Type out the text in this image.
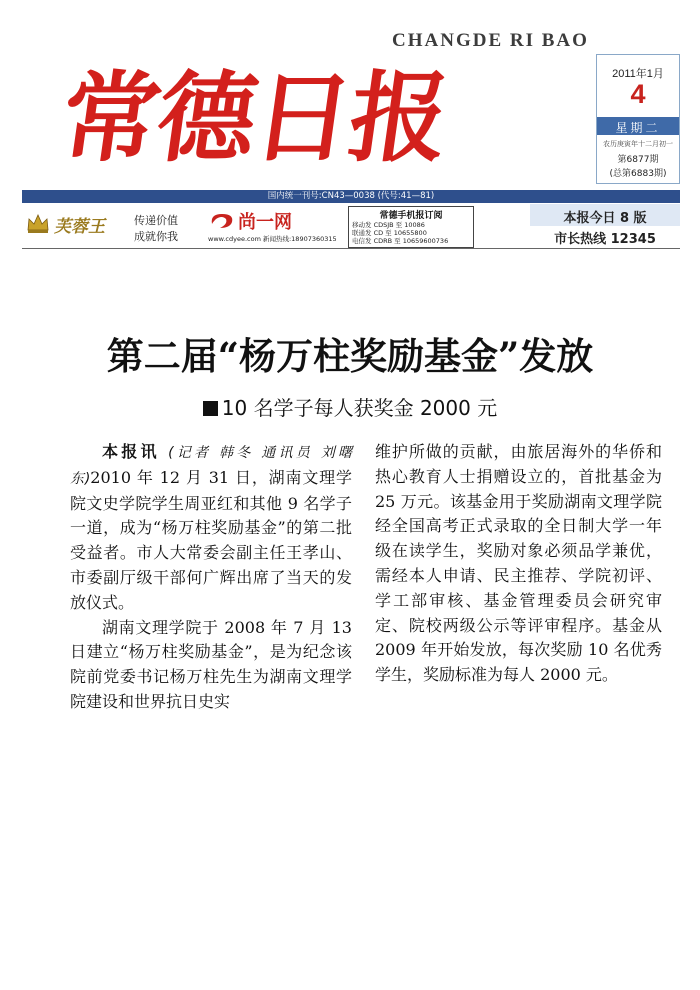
常
德
日
报
CHANGDE RI BAO
2011年1月
4
星期二
农历庚寅年十二月初一
第6877期
(总第6883期)
国内统一刊号:CN43—0038 (代号:41—81)
芙蓉王	传递价值
成就你我
尚一网
www.cdyee.com 新闻热线:18907360315
常德手机报订阅
移动发 CDSJB 至 10086
联通发 CD 至 10655800
电信发 CDRB 至 10659600736
本报今日 8 版
市长热线 12345
第二届“杨万柱奖励基金”发放
10 名学子每人获奖金 2000 元

本报讯 (记者 韩冬 通讯员 刘曙东)2010 年 12 月 31 日，湖南文理学院文史学院学生周亚红和其他 9 名学子一道，成为“杨万柱奖励基金”的第二批受益者。市人大常委会副主任王孝山、市委副厅级干部何广辉出席了当天的发放仪式。

湖南文理学院于 2008 年 7 月 13 日建立“杨万柱奖励基金”，是为纪念该院前党委书记杨万柱先生为湖南文理学院建设和世界抗日史实

维护所做的贡献，由旅居海外的华侨和热心教育人士捐赠设立的，首批基金为 25 万元。该基金用于奖励湖南文理学院经全国高考正式录取的全日制大学一年级在读学生，奖励对象必须品学兼优，需经本人申请、民主推荐、学院初评、学工部审核、基金管理委员会研究审定、院校两级公示等评审程序。基金从 2009 年开始发放，每次奖励 10 名优秀学生，奖励标准为每人 2000 元。
